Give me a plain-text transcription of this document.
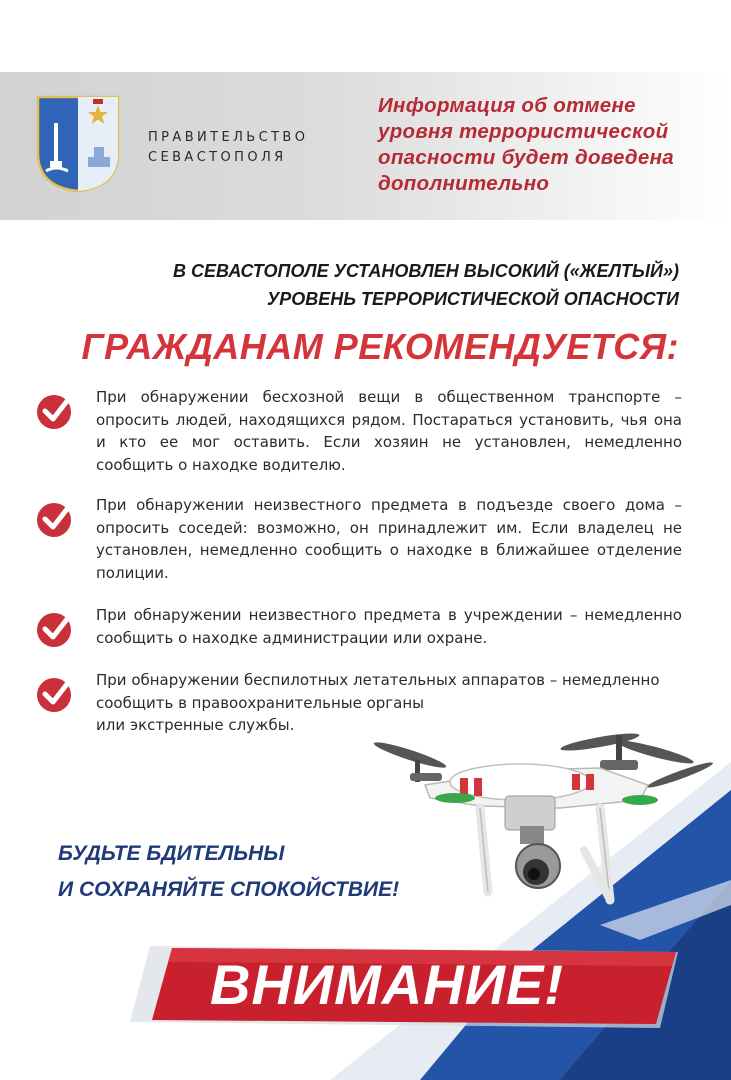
ПРАВИТЕЛЬСТВО
СЕВАСТОПОЛЯ
Информация об отмене уровня террористической опасности будет доведена дополнительно
В СЕВАСТОПОЛЕ УСТАНОВЛЕН ВЫСОКИЙ («ЖЕЛТЫЙ»)
УРОВЕНЬ ТЕРРОРИСТИЧЕСКОЙ ОПАСНОСТИ
ГРАЖДАНАМ РЕКОМЕНДУЕТСЯ:
При обнаружении бесхозной вещи в общественном транспорте – опросить людей, находящихся рядом. Постараться установить, чья она и кто ее мог оставить. Если хозяин не установлен, немедленно сообщить о находке водителю.
При обнаружении неизвестного предмета в подъезде своего дома – опросить соседей: возможно, он принадлежит им. Если владелец не установлен, немедленно сообщить о находке в ближайшее отделение полиции.
При обнаружении неизвестного предмета в учреждении – немедленно сообщить о находке администрации или охране.
При обнаружении беспилотных летательных аппаратов – немедленно
сообщить в правоохранительные органы
или экстренные службы.
БУДЬТЕ БДИТЕЛЬНЫ
И СОХРАНЯЙТЕ СПОКОЙСТВИЕ!
ВНИМАНИЕ!
